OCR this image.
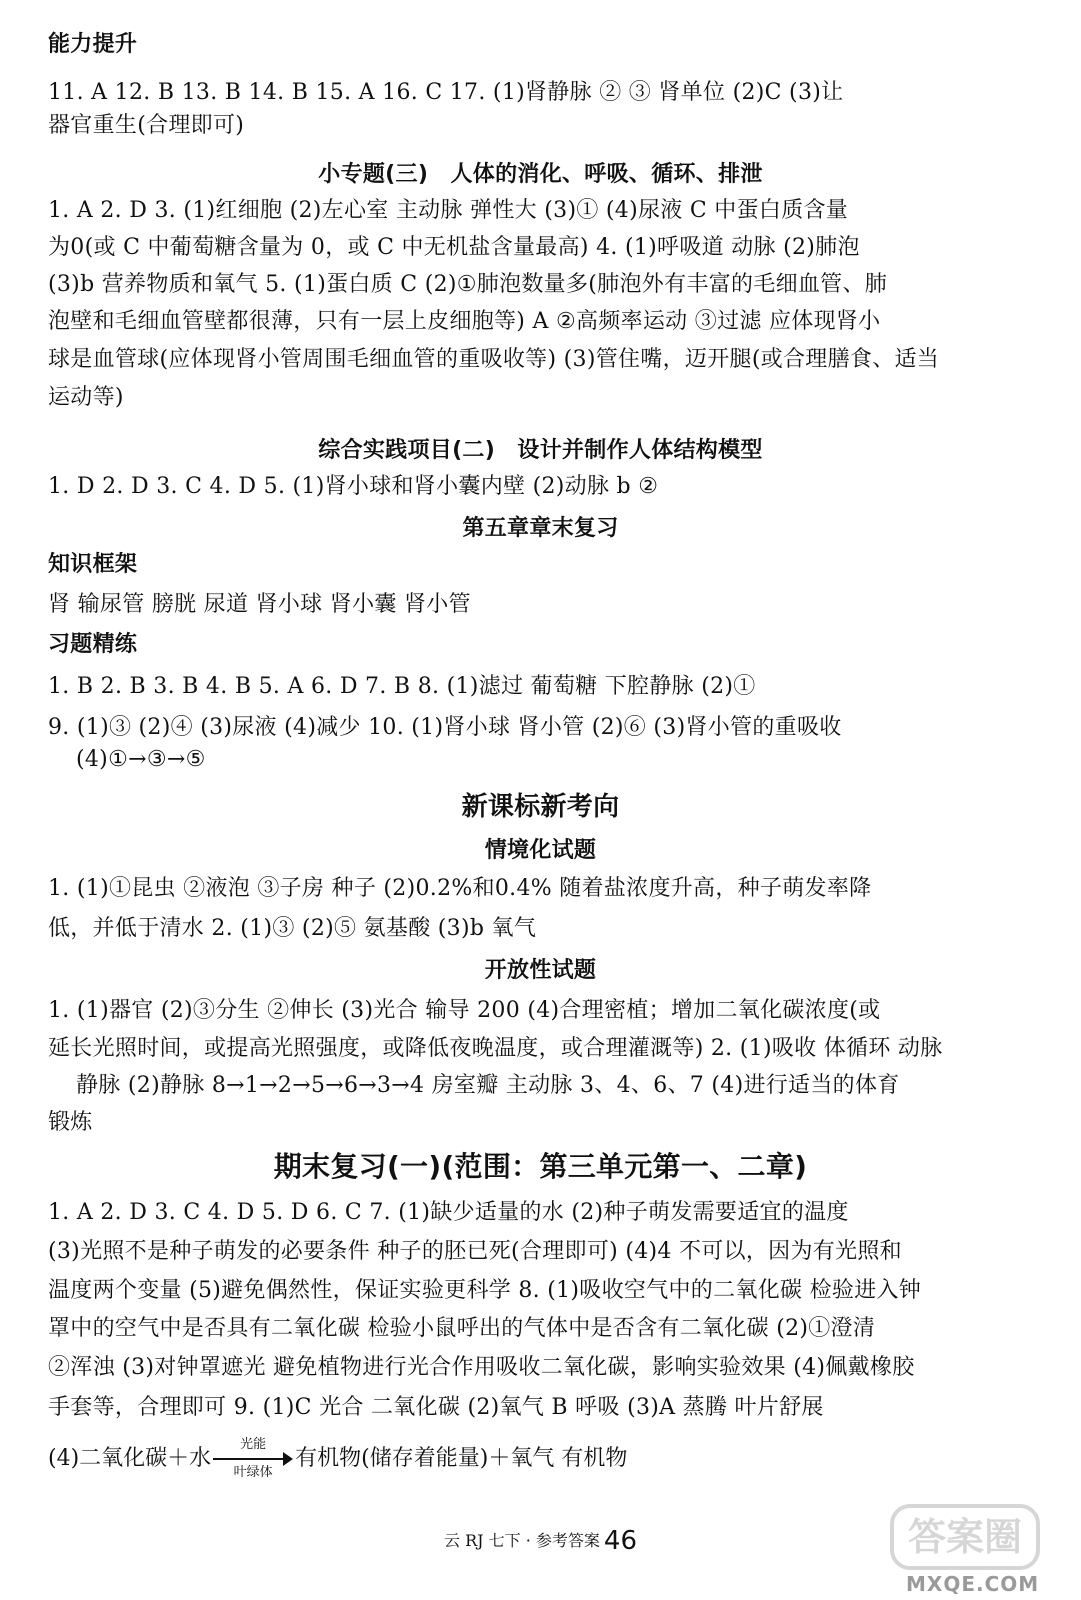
能力提升
11. A 12. B 13. B 14. B 15. A 16. C 17. (1)肾静脉 ② ③ 肾单位 (2)C (3)让
器官重生(合理即可)
小专题(三)　人体的消化、呼吸、循环、排泄
1. A 2. D 3. (1)红细胞 (2)左心室 主动脉 弹性大 (3)① (4)尿液 C 中蛋白质含量
为0(或 C 中葡萄糖含量为 0，或 C 中无机盐含量最高) 4. (1)呼吸道 动脉 (2)肺泡
(3)b 营养物质和氧气 5. (1)蛋白质 C (2)①肺泡数量多(肺泡外有丰富的毛细血管、肺
泡壁和毛细血管壁都很薄，只有一层上皮细胞等) A ②高频率运动 ③过滤 应体现肾小
球是血管球(应体现肾小管周围毛细血管的重吸收等) (3)管住嘴，迈开腿(或合理膳食、适当
运动等)
综合实践项目(二)　设计并制作人体结构模型
1. D 2. D 3. C 4. D 5. (1)肾小球和肾小囊内壁 (2)动脉 b ②
第五章章末复习
知识框架
肾 输尿管 膀胱 尿道 肾小球 肾小囊 肾小管
习题精练
1. B 2. B 3. B 4. B 5. A 6. D 7. B 8. (1)滤过 葡萄糖 下腔静脉 (2)①
9. (1)③ (2)④ (3)尿液 (4)减少 10. (1)肾小球 肾小管 (2)⑥ (3)肾小管的重吸收
(4)①→③→⑤
新课标新考向
情境化试题
1. (1)①昆虫 ②液泡 ③子房 种子 (2)0.2%和0.4% 随着盐浓度升高，种子萌发率降
低，并低于清水 2. (1)③ (2)⑤ 氨基酸 (3)b 氧气
开放性试题
1. (1)器官 (2)③分生 ②伸长 (3)光合 输导 200 (4)合理密植；增加二氧化碳浓度(或
延长光照时间，或提高光照强度，或降低夜晚温度，或合理灌溉等) 2. (1)吸收 体循环 动脉
静脉 (2)静脉 8→1→2→5→6→3→4 房室瓣 主动脉 3、4、6、7 (4)进行适当的体育
锻炼
期末复习(一)(范围：第三单元第一、二章)
1. A 2. D 3. C 4. D 5. D 6. C 7. (1)缺少适量的水 (2)种子萌发需要适宜的温度
(3)光照不是种子萌发的必要条件 种子的胚已死(合理即可) (4)4 不可以，因为有光照和
温度两个变量 (5)避免偶然性，保证实验更科学 8. (1)吸收空气中的二氧化碳 检验进入钟
罩中的空气中是否具有二氧化碳 检验小鼠呼出的气体中是否含有二氧化碳 (2)①澄清
②浑浊 (3)对钟罩遮光 避免植物进行光合作用吸收二氧化碳，影响实验效果 (4)佩戴橡胶
手套等，合理即可 9. (1)C 光合 二氧化碳 (2)氧气 B 呼吸 (3)A 蒸腾 叶片舒展
(4)二氧化碳＋水
光能
叶绿体
有机物(储存着能量)＋氧气 有机物
云 RJ 七下 · 参考答案 46	答案圈
MXQE.COM
